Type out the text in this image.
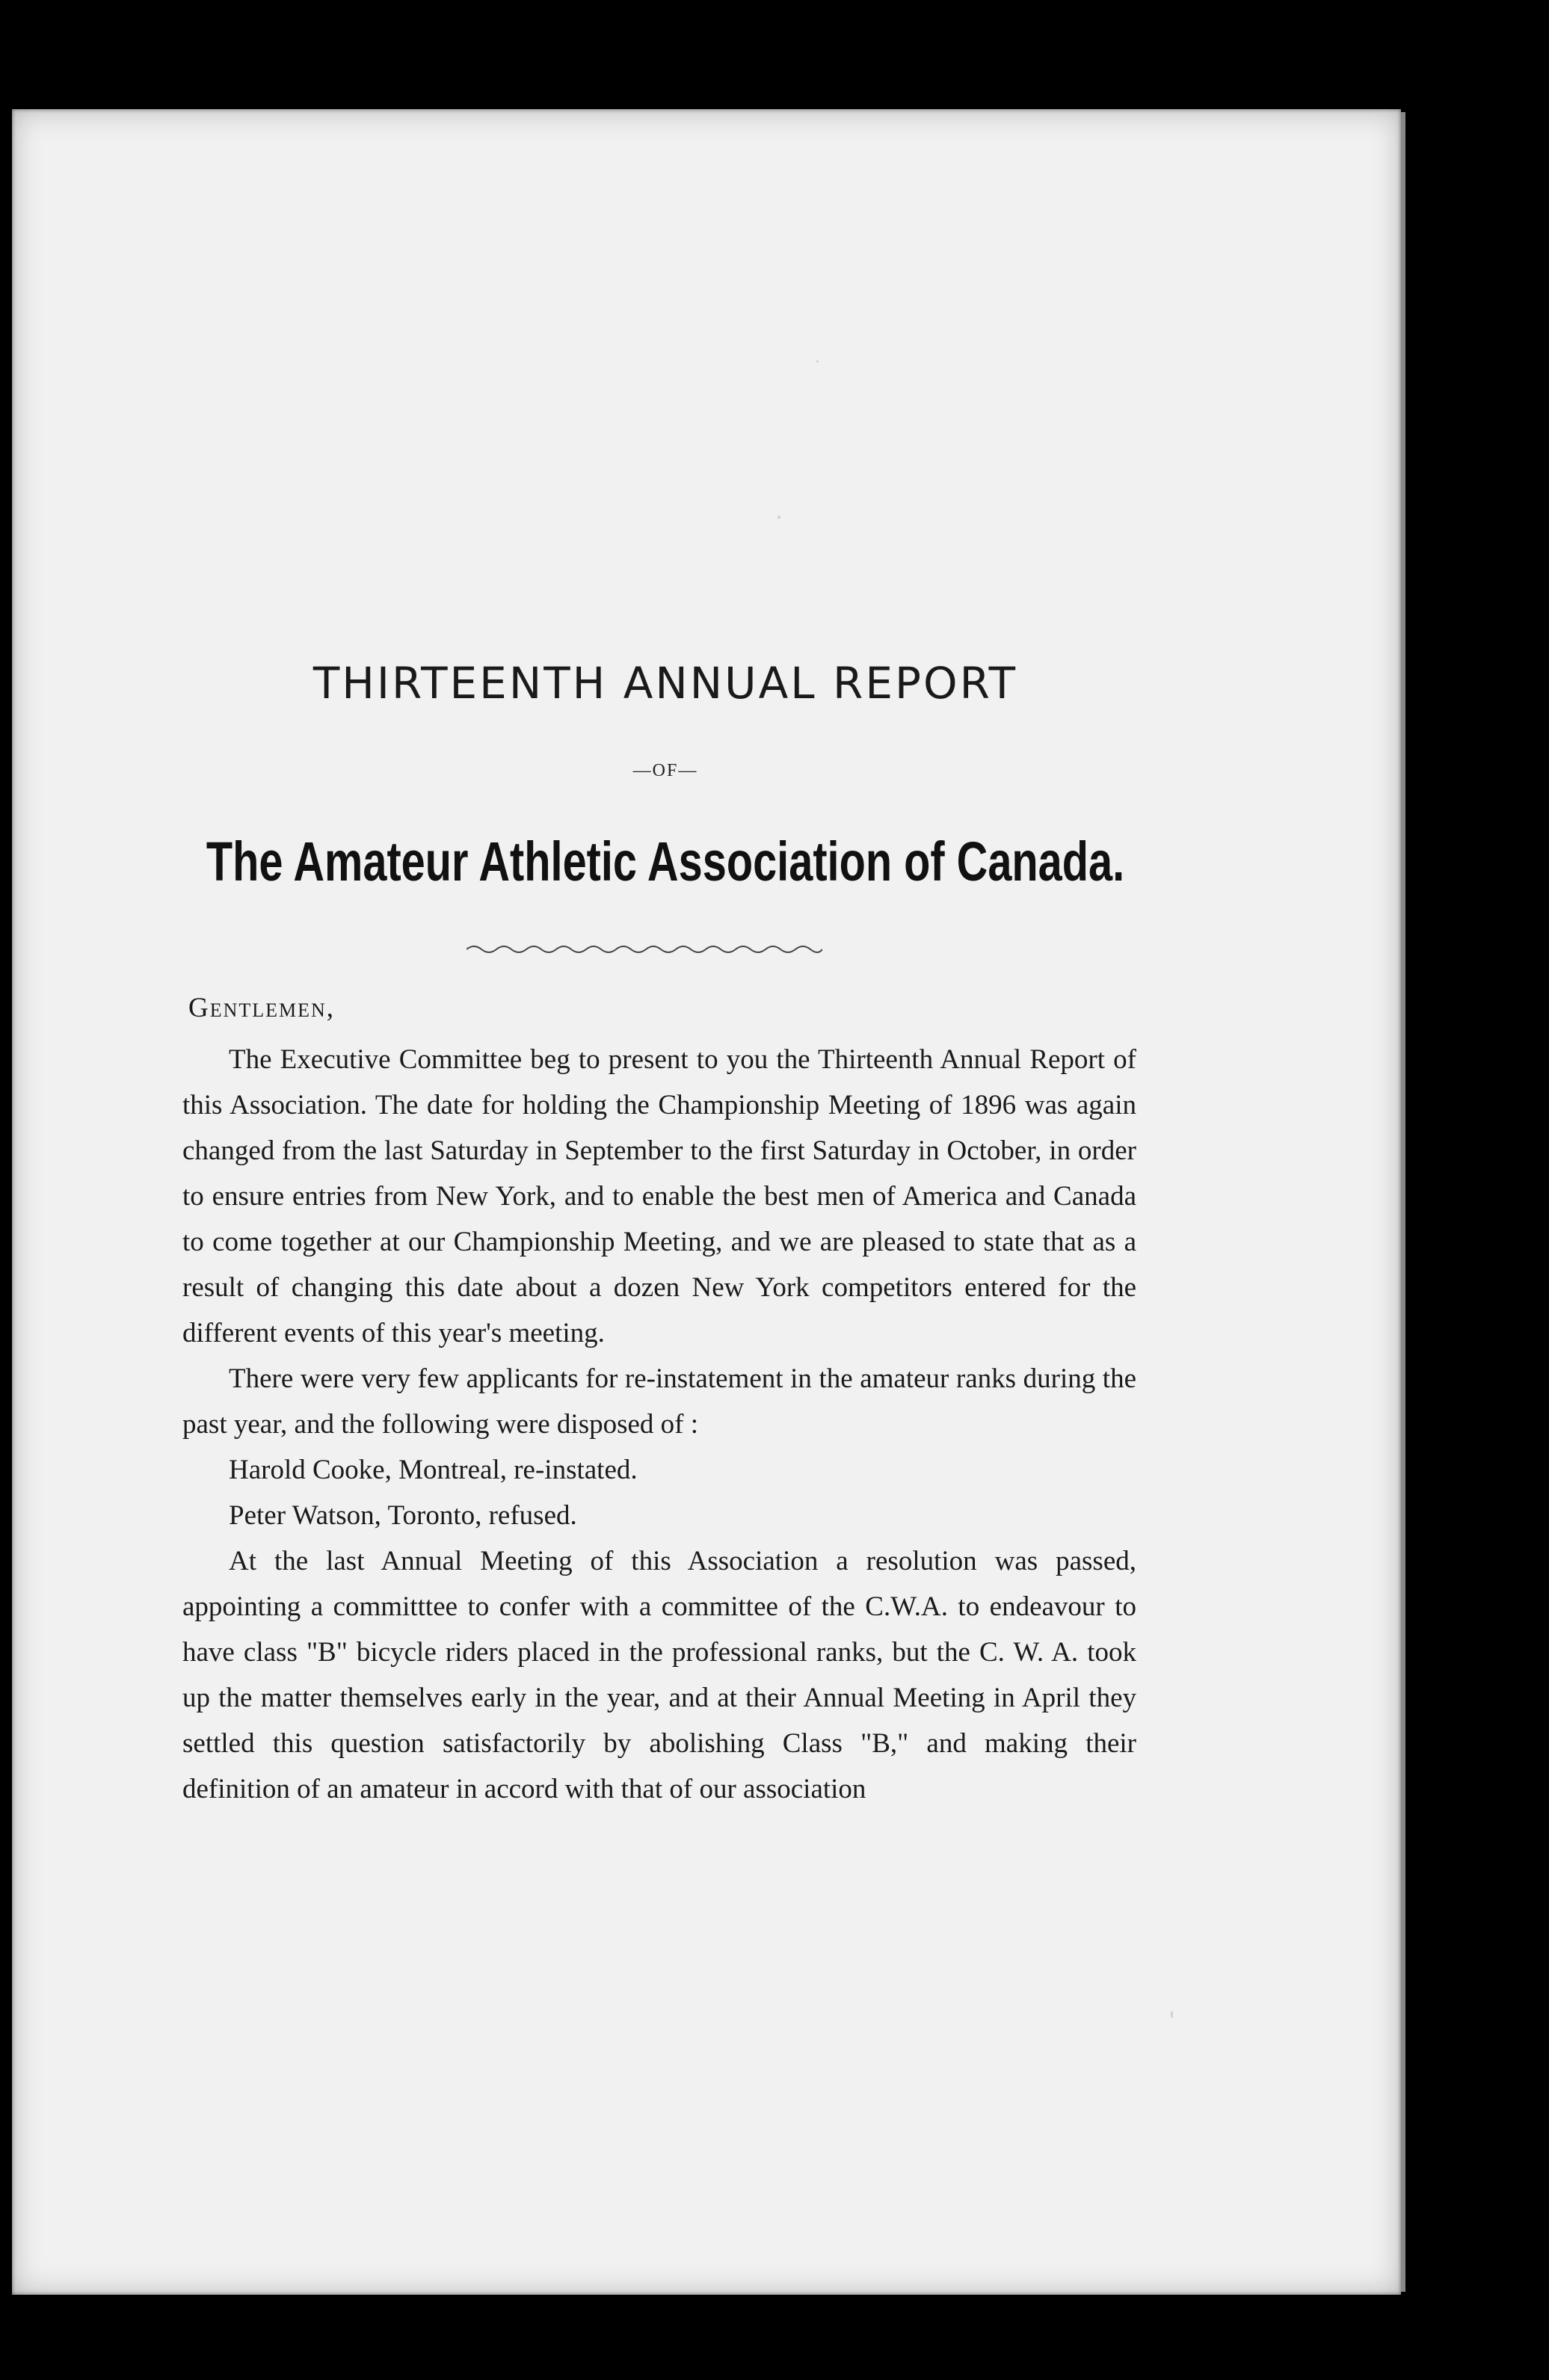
THIRTEENTH ANNUAL REPORT
—OF—
The Amateur Athletic Association of Canada.

Gentlemen,

The Executive Committee beg to present to you the Thirteenth Annual Report of this Association. The date for holding the Championship Meeting of 1896 was again changed from the last Saturday in September to the first Saturday in October, in order to ensure entries from New York, and to enable the best men of America and Canada to come together at our Championship Meeting, and we are pleased to state that as a result of changing this date about a dozen New York competitors entered for the different events of this year's meeting.

There were very few applicants for re-instatement in the amateur ranks during the past year, and the following were disposed of :

Harold Cooke, Montreal, re-instated.

Peter Watson, Toronto, refused.

At the last Annual Meeting of this Association a resolution was passed, appointing a committtee to confer with a committee of the C.W.A. to endeavour to have class "B" bicycle riders placed in the professional ranks, but the C. W. A. took up the matter themselves early in the year, and at their Annual Meeting in April they settled this question satisfactorily by abolishing Class "B," and making their definition of an amateur in accord with that of our association
